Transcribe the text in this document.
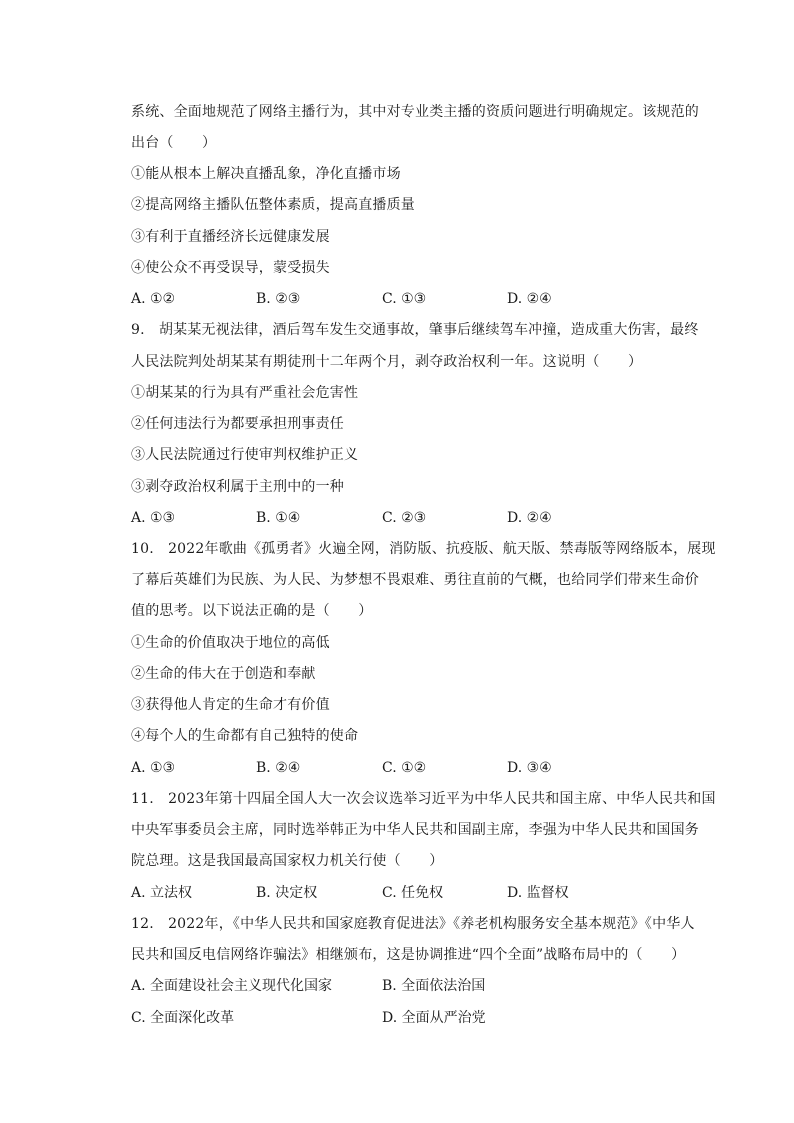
系统、全面地规范了网络主播行为，其中对专业类主播的资质问题进行明确规定。该规范的
出台（　　）
①能从根本上解决直播乱象，净化直播市场
②提高网络主播队伍整体素质，提高直播质量
③有利于直播经济长远健康发展
④使公众不再受误导，蒙受损失
A. ①②	B. ②③	C. ①③	D. ②④
9.　胡某某无视法律，酒后驾车发生交通事故，肇事后继续驾车冲撞，造成重大伤害，最终
人民法院判处胡某某有期徒刑十二年两个月，剥夺政治权利一年。这说明（　　）
①胡某某的行为具有严重社会危害性
②任何违法行为都要承担刑事责任
③人民法院通过行使审判权维护正义
③剥夺政治权利属于主刑中的一种
A. ①③	B. ①④	C. ②③	D. ②④
10.　2022年歌曲《孤勇者》火遍全网，消防版、抗疫版、航天版、禁毒版等网络版本，展现
了幕后英雄们为民族、为人民、为梦想不畏艰难、勇往直前的气概，也给同学们带来生命价
值的思考。以下说法正确的是（　　）
①生命的价值取决于地位的高低
②生命的伟大在于创造和奉献
③获得他人肯定的生命才有价值
④每个人的生命都有自己独特的使命
A. ①③	B. ②④	C. ①②	D. ③④
11.　2023年第十四届全国人大一次会议选举习近平为中华人民共和国主席、中华人民共和国
中央军事委员会主席，同时选举韩正为中华人民共和国副主席，李强为中华人民共和国国务
院总理。这是我国最高国家权力机关行使（　　）
A. 立法权	B. 决定权	C. 任免权	D. 监督权
12.　2022年，《中华人民共和国家庭教育促进法》《养老机构服务安全基本规范》《中华人
民共和国反电信网络诈骗法》相继颁布，这是协调推进“四个全面”战略布局中的（　　）
A. 全面建设社会主义现代化国家	B. 全面依法治国
C. 全面深化改革	D. 全面从严治党
